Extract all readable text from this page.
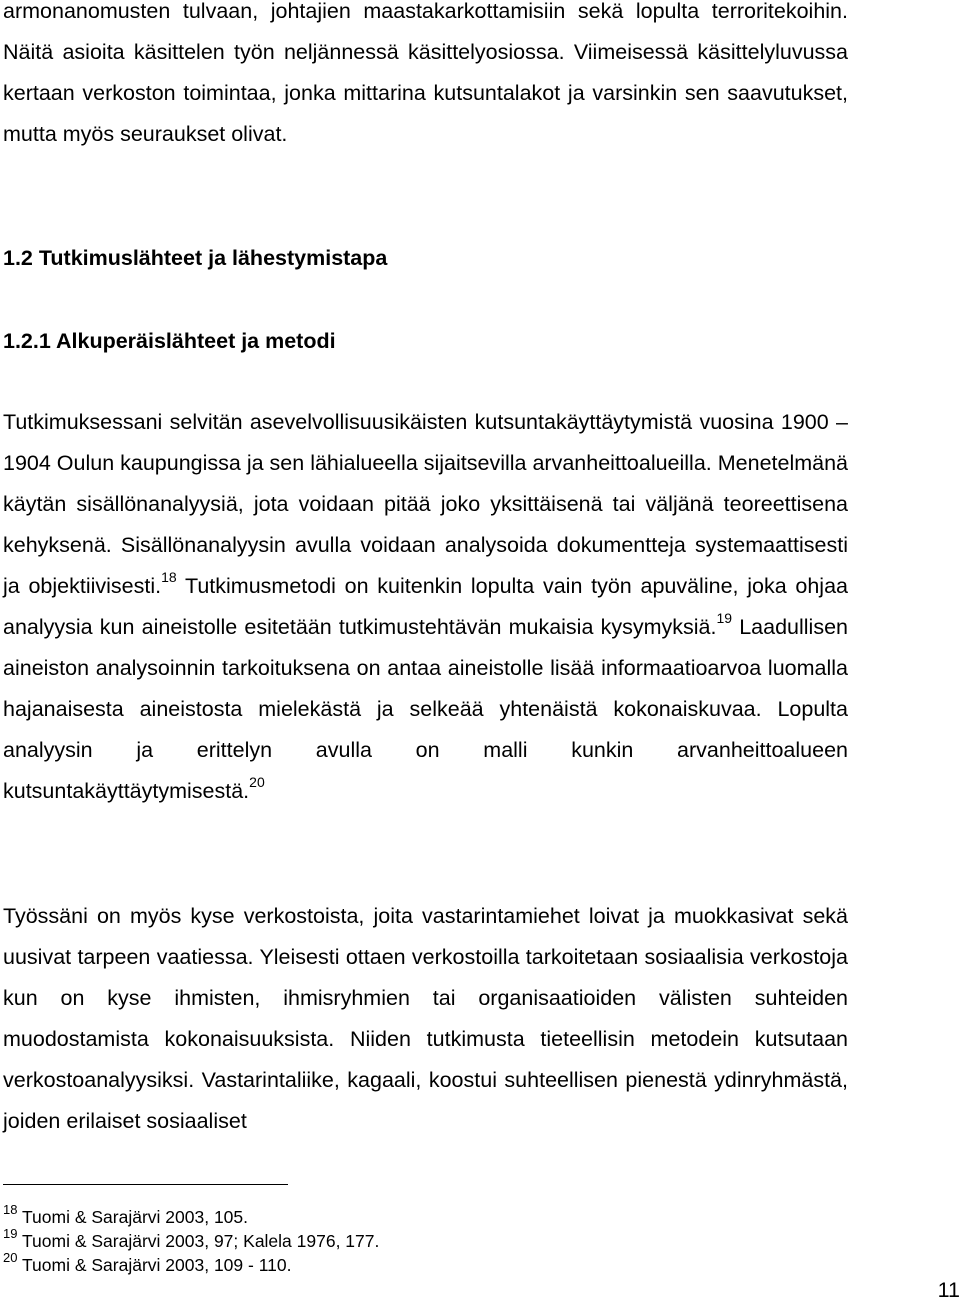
armonanomusten tulvaan, johtajien maastakarkottamisiin sekä lopulta terroritekoihin. Näitä asioita käsittelen työn neljännessä käsittelyosiossa. Viimeisessä käsittelyluvussa kertaan verkoston toimintaa, jonka mittarina kutsuntalakot ja varsinkin sen saavutukset, mutta myös seuraukset olivat.

1.2 Tutkimuslähteet ja lähestymistapa
1.2.1 Alkuperäislähteet ja metodi

Tutkimuksessani selvitän asevelvollisuusikäisten kutsuntakäyttäytymistä vuosina 1900 – 1904 Oulun kaupungissa ja sen lähialueella sijaitsevilla arvanheittoalueilla. Menetelmänä käytän sisällönanalyysiä, jota voidaan pitää joko yksittäisenä tai väljänä teoreettisena kehyksenä. Sisällönanalyysin avulla voidaan analysoida dokumentteja systemaattisesti ja objektiivisesti.$^{18}$ Tutkimusmetodi on kuitenkin lopulta vain työn apuväline, joka ohjaa analyysia kun aineistolle esitetään tutkimustehtävän mukaisia kysymyksiä.$^{19}$ Laadullisen aineiston analysoinnin tarkoituksena on antaa aineistolle lisää informaatioarvoa luomalla hajanaisesta aineistosta mielekästä ja selkeää yhtenäistä kokonaiskuvaa. Lopulta analyysin ja erittelyn avulla on malli kunkin arvanheittoalueen kutsuntakäyttäytymisestä.$^{20}$

Työssäni on myös kyse verkostoista, joita vastarintamiehet loivat ja muokkasivat sekä uusivat tarpeen vaatiessa. Yleisesti ottaen verkostoilla tarkoitetaan sosiaalisia verkostoja kun on kyse ihmisten, ihmisryhmien tai organisaatioiden välisten suhteiden muodostamista kokonaisuuksista. Niiden tutkimusta tieteellisin metodein kutsutaan verkostoanalyysiksi. Vastarintaliike, kagaali, koostui suhteellisen pienestä ydinryhmästä, joiden erilaiset sosiaaliset

$^{18}$ Tuomi & Sarajärvi 2003, 105.
$^{19}$ Tuomi & Sarajärvi 2003, 97; Kalela 1976, 177.
$^{20}$ Tuomi & Sarajärvi 2003, 109 - 110.
11
